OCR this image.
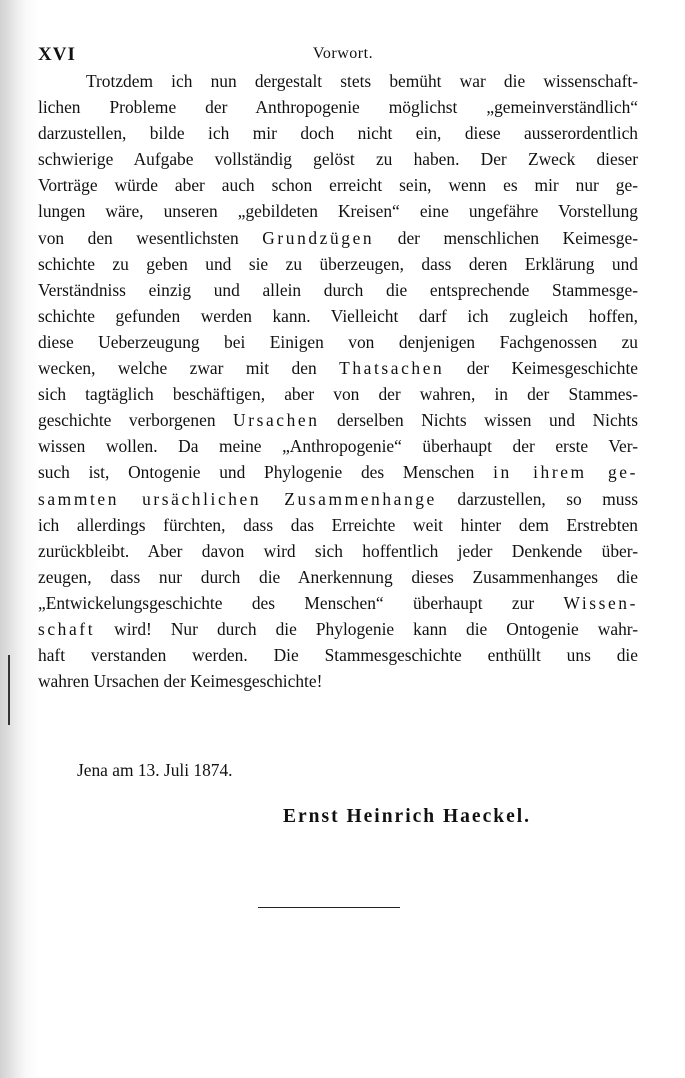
XVI	Vorwort.
Trotzdem ich nun dergestalt stets bemüht war die wissenschaft-
lichen Probleme der Anthropogenie möglichst „gemeinverständlich“
darzustellen, bilde ich mir doch nicht ein, diese ausserordentlich
schwierige Aufgabe vollständig gelöst zu haben. Der Zweck dieser
Vorträge würde aber auch schon erreicht sein, wenn es mir nur ge-
lungen wäre, unseren „gebildeten Kreisen“ eine ungefähre Vorstellung
von den wesentlichsten Grundzügen der menschlichen Keimesge-
schichte zu geben und sie zu überzeugen, dass deren Erklärung und
Verständniss einzig und allein durch die entsprechende Stammesge-
schichte gefunden werden kann. Vielleicht darf ich zugleich hoffen,
diese Ueberzeugung bei Einigen von denjenigen Fachgenossen zu
wecken, welche zwar mit den Thatsachen der Keimesgeschichte
sich tagtäglich beschäftigen, aber von der wahren, in der Stammes-
geschichte verborgenen Ursachen derselben Nichts wissen und Nichts
wissen wollen. Da meine „Anthropogenie“ überhaupt der erste Ver-
such ist, Ontogenie und Phylogenie des Menschen in ihrem ge-
sammten ursächlichen Zusammenhange darzustellen, so muss
ich allerdings fürchten, dass das Erreichte weit hinter dem Erstrebten
zurückbleibt. Aber davon wird sich hoffentlich jeder Denkende über-
zeugen, dass nur durch die Anerkennung dieses Zusammenhanges die
„Entwickelungsgeschichte des Menschen“ überhaupt zur Wissen-
schaft wird! Nur durch die Phylogenie kann die Ontogenie wahr-
haft verstanden werden. Die Stammesgeschichte enthüllt uns die
wahren Ursachen der Keimesgeschichte!
Jena am 13. Juli 1874.
Ernst Heinrich Haeckel.
